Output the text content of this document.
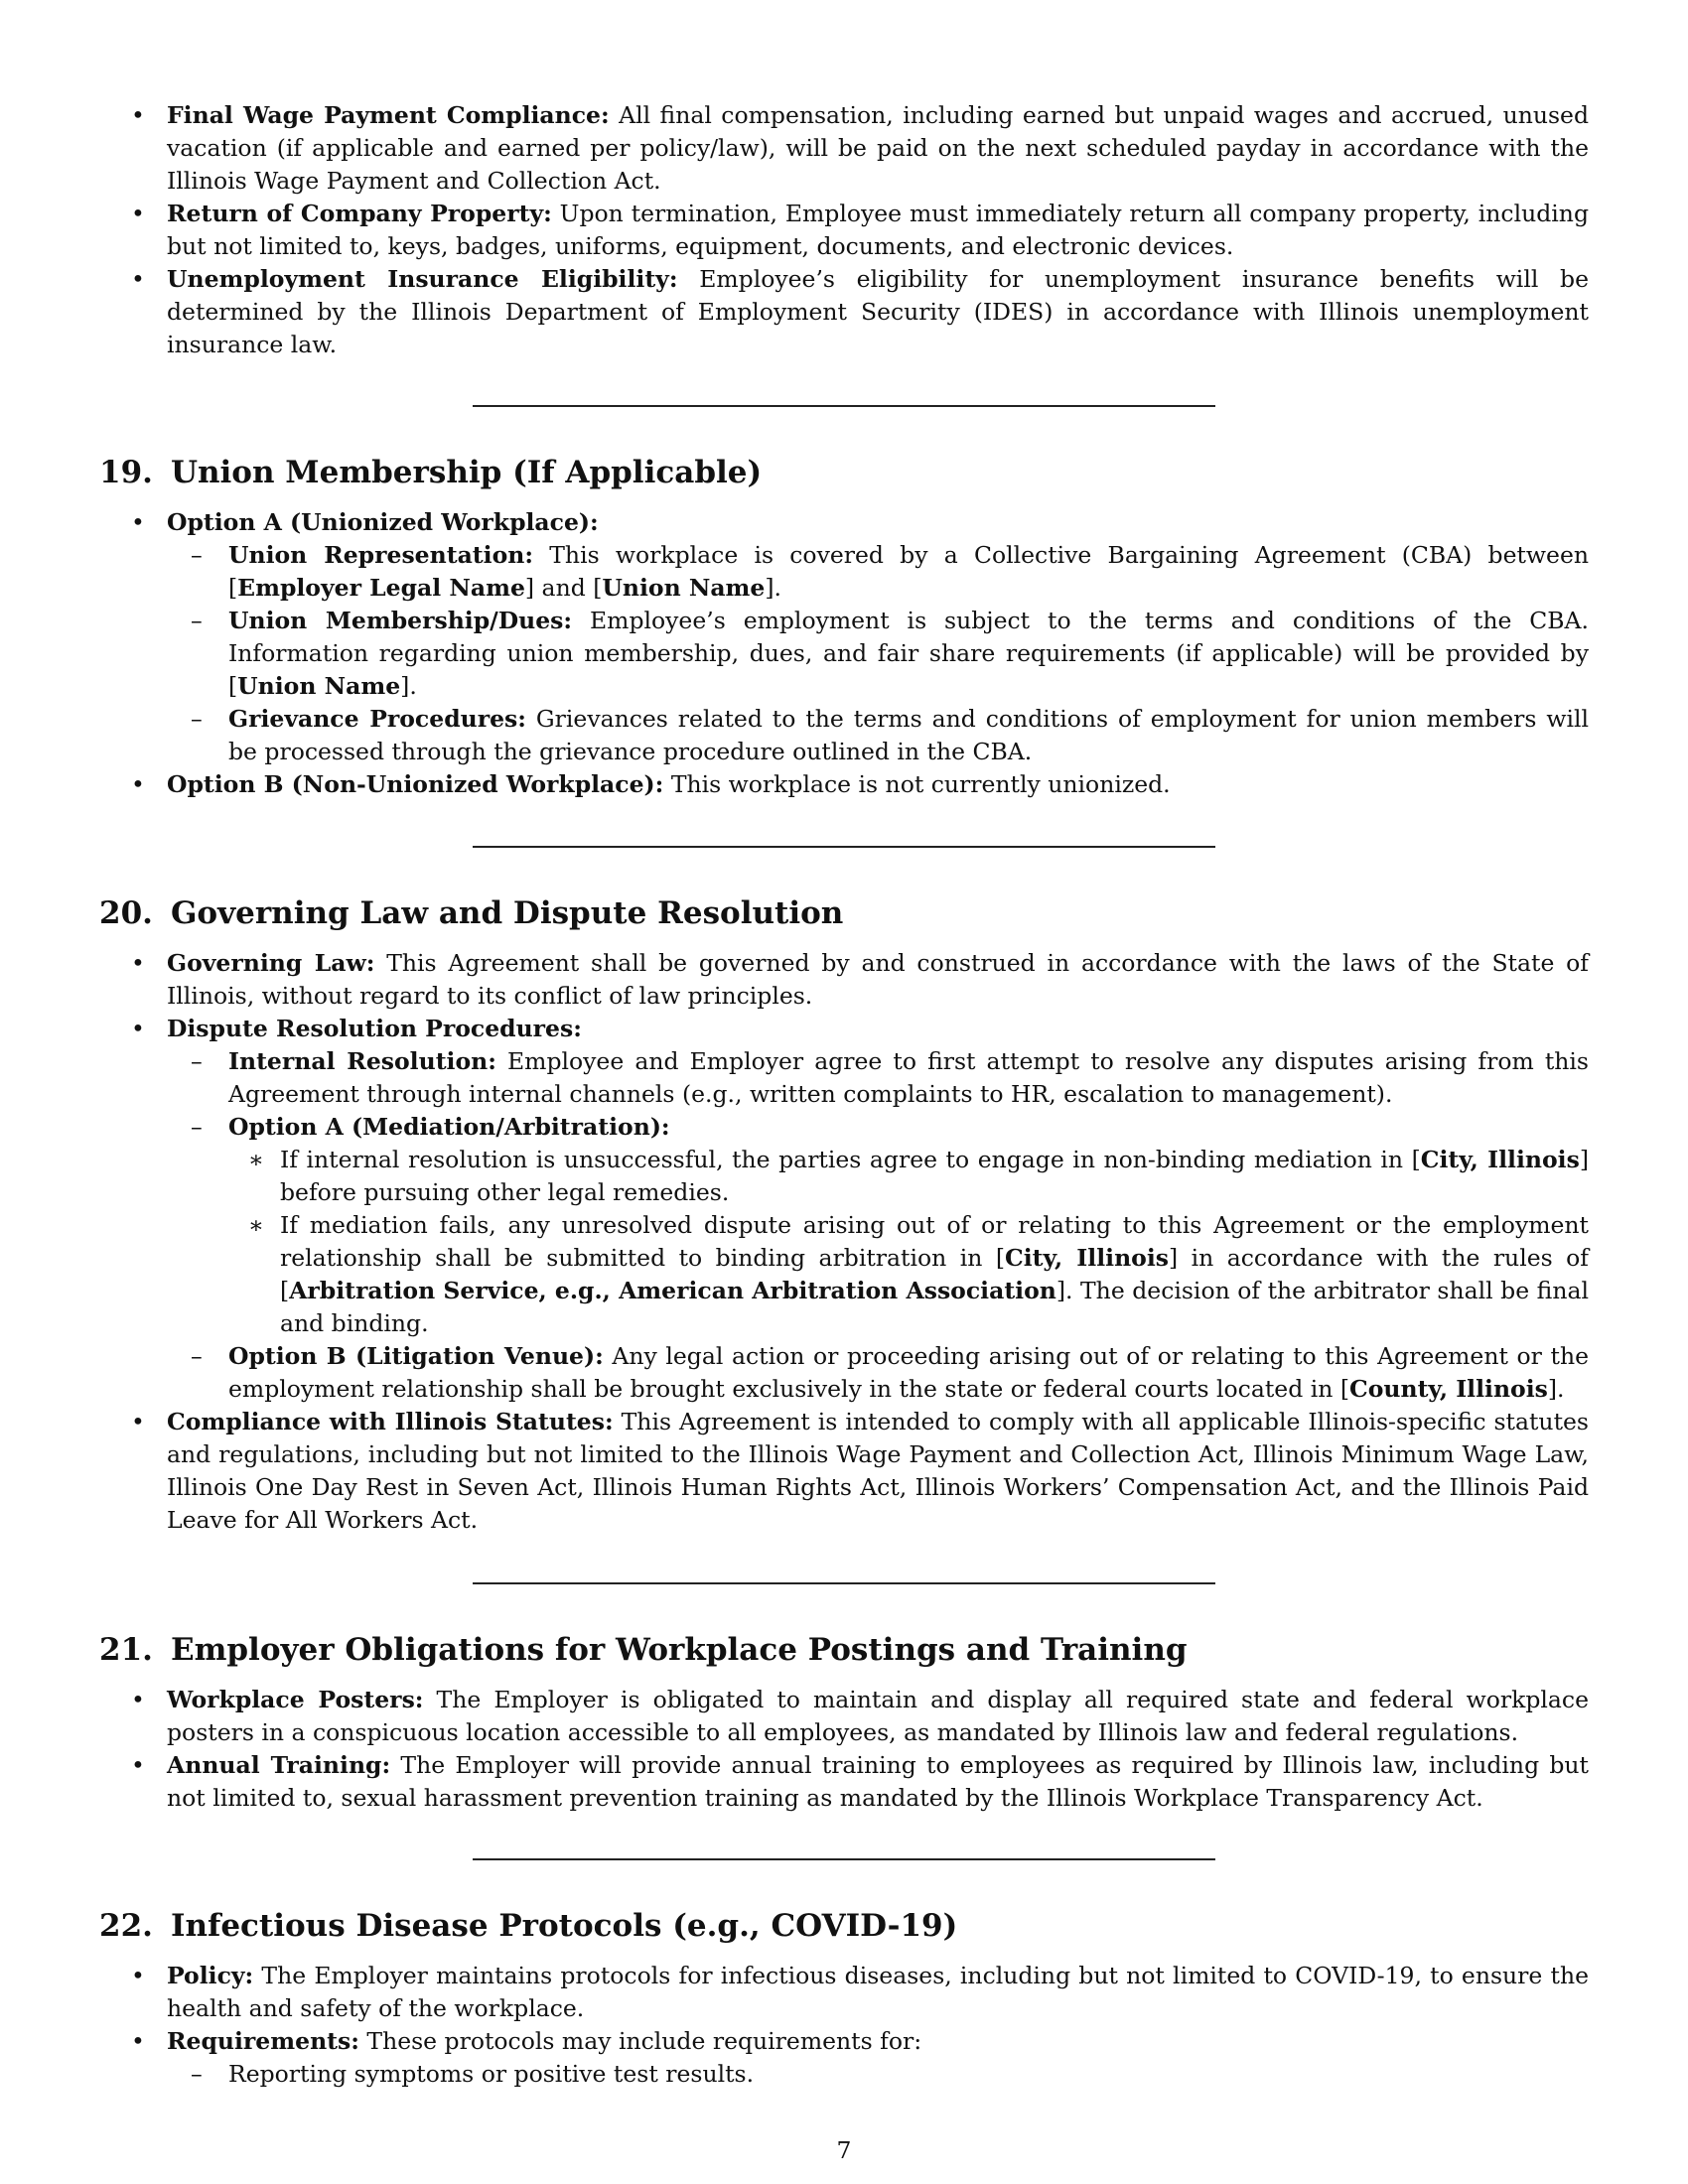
• Final Wage Payment Compliance: All final compensation, including earned but unpaid wages and accrued, unused vacation (if applicable and earned per policy/law), will be paid on the next scheduled payday in accordance with the Illinois Wage Payment and Collection Act.
• Return of Company Property: Upon termination, Employee must immediately return all company property, including but not limited to, keys, badges, uniforms, equipment, documents, and electronic devices.
• Unemployment Insurance Eligibility: Employee’s eligibility for unemployment insurance benefits will be determined by the Illinois Department of Employment Security (IDES) in accordance with Illinois unemployment insurance law.
19. Union Membership (If Applicable)
• Option A (Unionized Workplace):
– Union Representation: This workplace is covered by a Collective Bargaining Agreement (CBA) between [Employer Legal Name] and [Union Name].
– Union Membership/Dues: Employee’s employment is subject to the terms and conditions of the CBA. Information regarding union membership, dues, and fair share requirements (if applicable) will be provided by [Union Name].
– Grievance Procedures: Grievances related to the terms and conditions of employment for union members will be processed through the grievance procedure outlined in the CBA.
• Option B (Non-Unionized Workplace): This workplace is not currently unionized.
20. Governing Law and Dispute Resolution
• Governing Law: This Agreement shall be governed by and construed in accordance with the laws of the State of Illinois, without regard to its conflict of law principles.
• Dispute Resolution Procedures:
– Internal Resolution: Employee and Employer agree to first attempt to resolve any disputes arising from this Agreement through internal channels (e.g., written complaints to HR, escalation to management).
– Option A (Mediation/Arbitration):
∗ If internal resolution is unsuccessful, the parties agree to engage in non-binding mediation in [City, Illinois] before pursuing other legal remedies.
∗ If mediation fails, any unresolved dispute arising out of or relating to this Agreement or the employment relationship shall be submitted to binding arbitration in [City, Illinois] in accordance with the rules of [Arbitration Service, e.g., American Arbitration Association]. The decision of the arbitrator shall be final and binding.
– Option B (Litigation Venue): Any legal action or proceeding arising out of or relating to this Agreement or the employment relationship shall be brought exclusively in the state or federal courts located in [County, Illinois].
• Compliance with Illinois Statutes: This Agreement is intended to comply with all applicable Illinois-specific statutes and regulations, including but not limited to the Illinois Wage Payment and Collection Act, Illinois Minimum Wage Law, Illinois One Day Rest in Seven Act, Illinois Human Rights Act, Illinois Workers’ Compensation Act, and the Illinois Paid Leave for All Workers Act.
21. Employer Obligations for Workplace Postings and Training
• Workplace Posters: The Employer is obligated to maintain and display all required state and federal workplace posters in a conspicuous location accessible to all employees, as mandated by Illinois law and federal regulations.
• Annual Training: The Employer will provide annual training to employees as required by Illinois law, including but not limited to, sexual harassment prevention training as mandated by the Illinois Workplace Transparency Act.
22. Infectious Disease Protocols (e.g., COVID-19)
• Policy: The Employer maintains protocols for infectious diseases, including but not limited to COVID-19, to ensure the health and safety of the workplace.
• Requirements: These protocols may include requirements for:
– Reporting symptoms or positive test results.
7
